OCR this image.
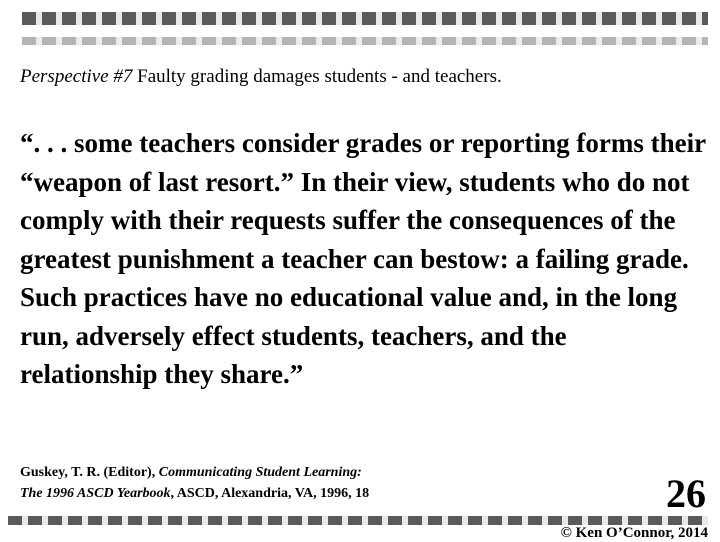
Perspective #7 Faulty grading damages students - and teachers.

“. . . some teachers consider grades or reporting forms their “weapon of last resort.” In their view, students who do not comply with their requests suffer the consequences of the greatest punishment a teacher can bestow: a failing grade. Such practices have no educational value and, in the long run, adversely effect students, teachers, and the relationship they share.”

Guskey, T. R. (Editor), Communicating Student Learning:
The 1996 ASCD Yearbook, ASCD, Alexandria, VA, 1996, 18	26
© Ken O’Connor, 2014
